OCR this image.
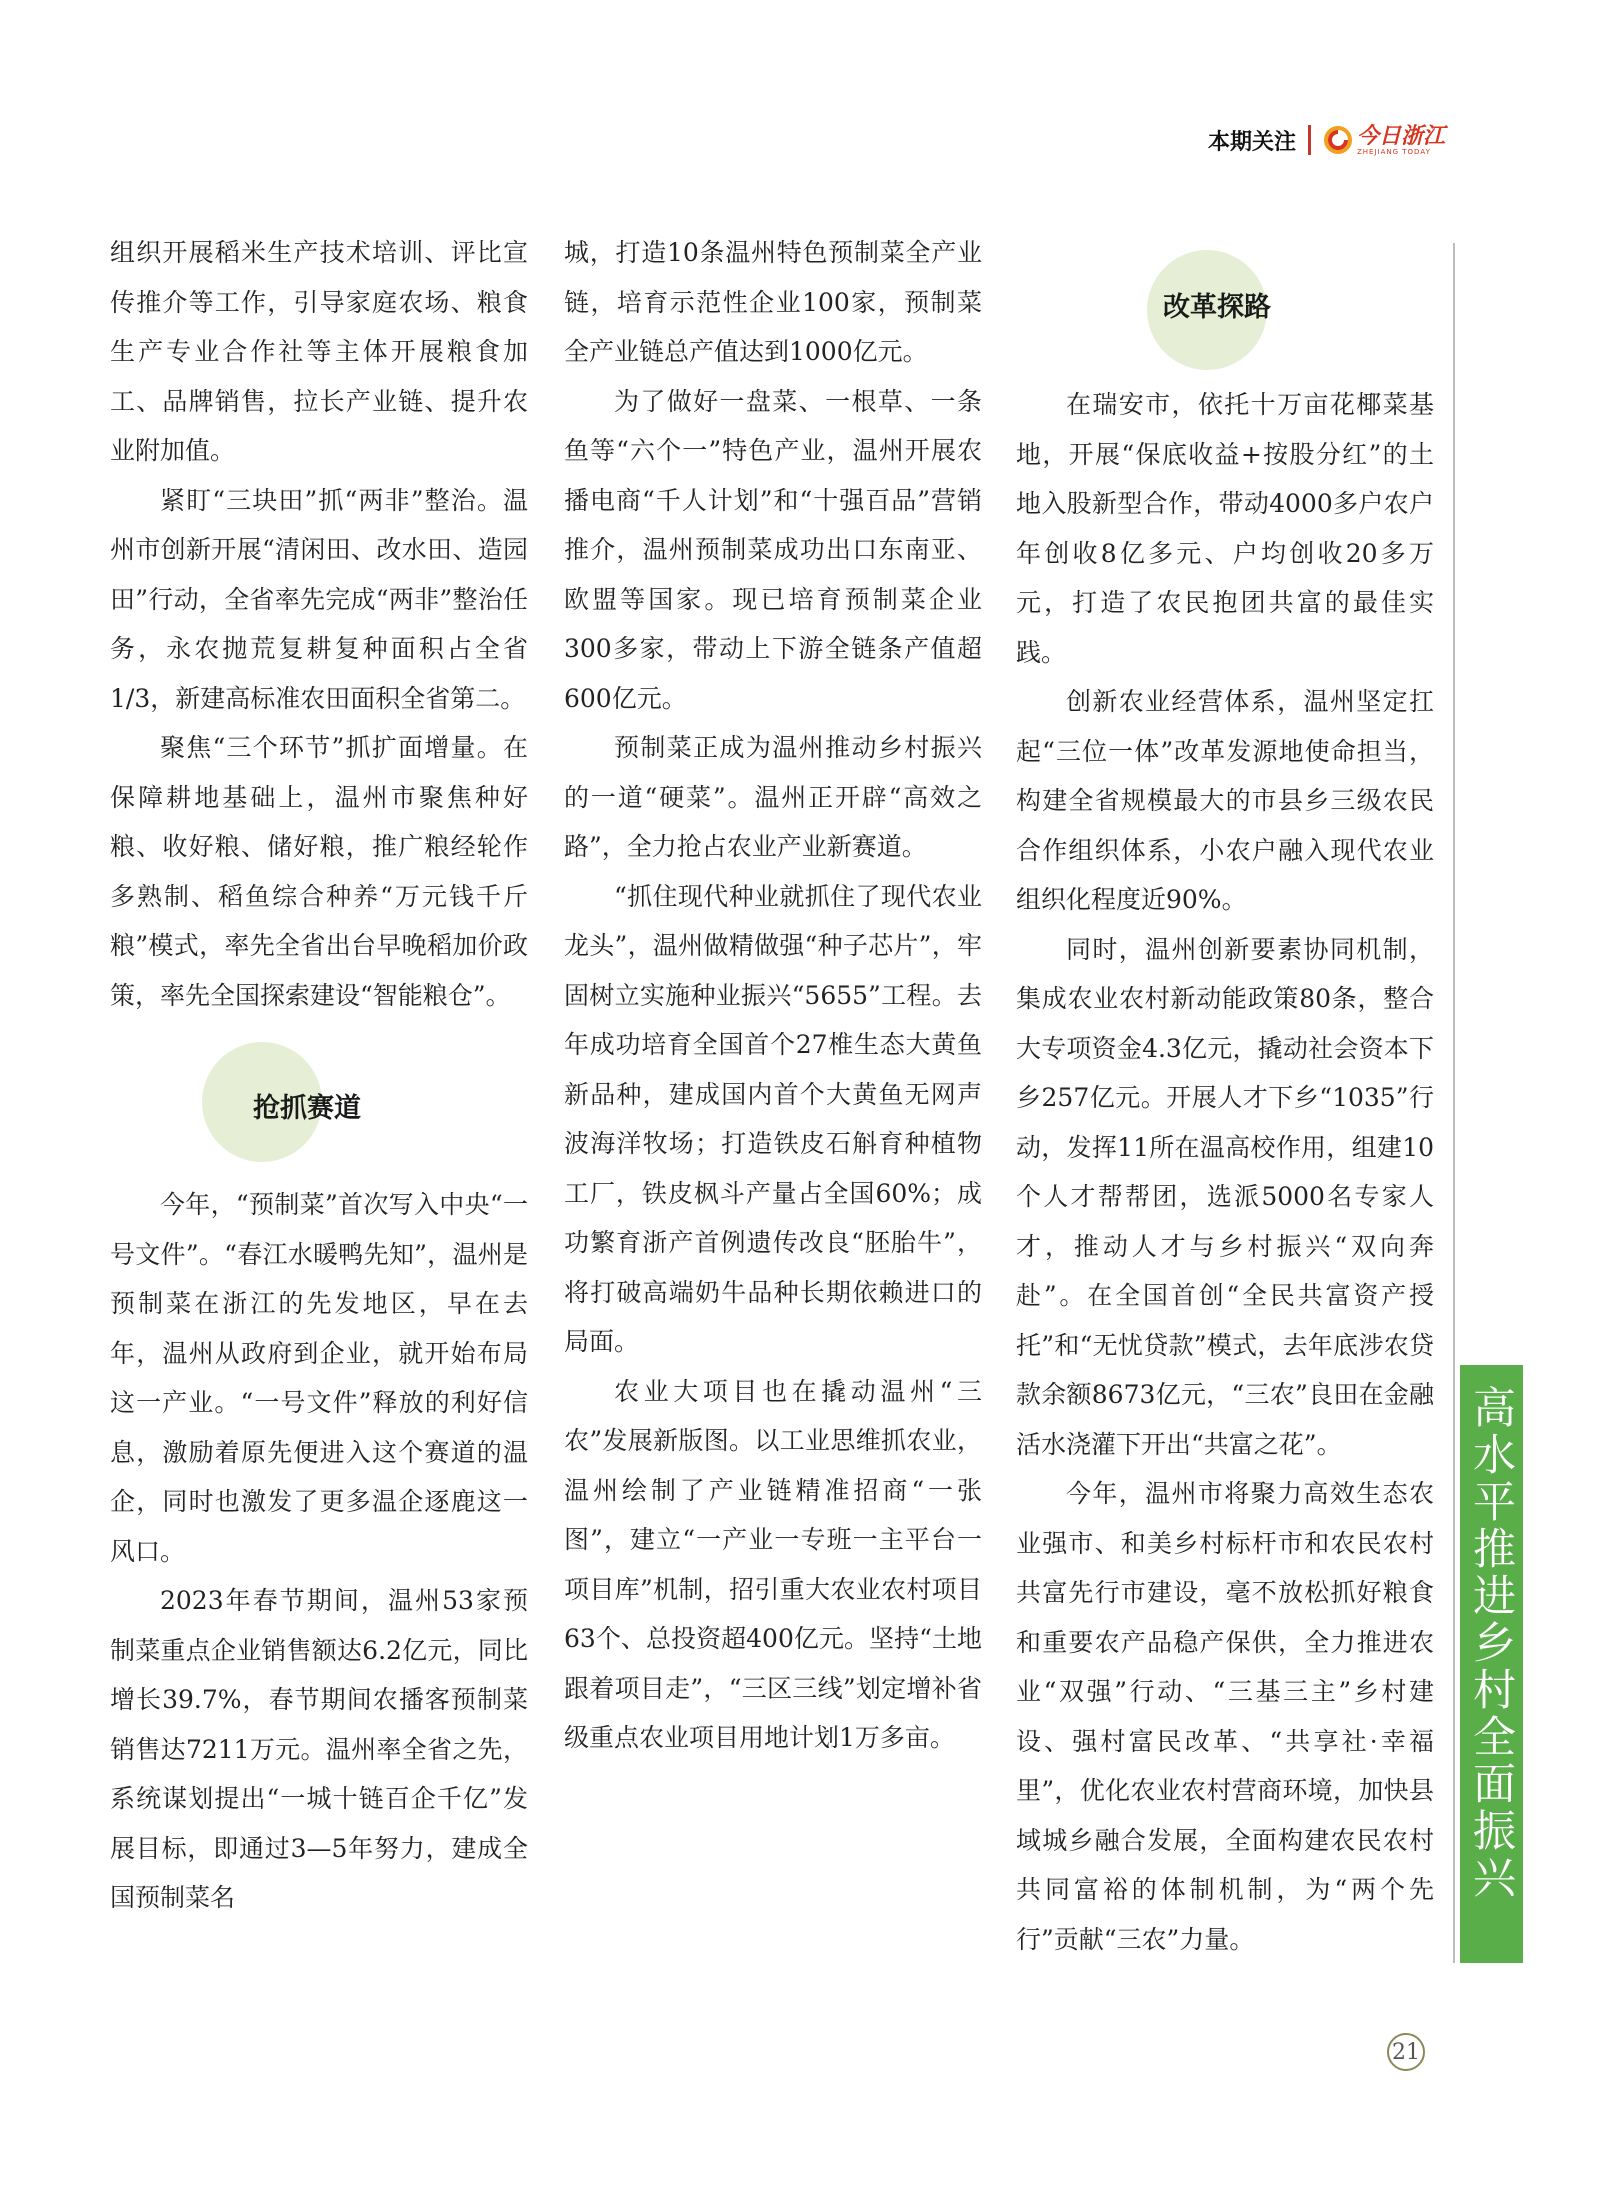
本期关注	今日浙江
ZHEJIANG TODAY

组织开展稻米生产技术培训、评比宣传推介等工作，引导家庭农场、粮食生产专业合作社等主体开展粮食加工、品牌销售，拉长产业链、提升农业附加值。

紧盯“三块田”抓“两非”整治。温州市创新开展“清闲田、改水田、造园田”行动，全省率先完成“两非”整治任务，永农抛荒复耕复种面积占全省1/3，新建高标准农田面积全省第二。

聚焦“三个环节”抓扩面增量。在保障耕地基础上，温州市聚焦种好粮、收好粮、储好粮，推广粮经轮作多熟制、稻鱼综合种养“万元钱千斤粮”模式，率先全省出台早晚稻加价政策，率先全国探索建设“智能粮仓”。

抢抓赛道

今年，“预制菜”首次写入中央“一号文件”。“春江水暖鸭先知”，温州是预制菜在浙江的先发地区，早在去年，温州从政府到企业，就开始布局这一产业。“一号文件”释放的利好信息，激励着原先便进入这个赛道的温企，同时也激发了更多温企逐鹿这一风口。

2023年春节期间，温州53家预制菜重点企业销售额达6.2亿元，同比增长39.7%，春节期间农播客预制菜销售达7211万元。温州率全省之先，系统谋划提出“一城十链百企千亿”发展目标，即通过3—5年努力，建成全国预制菜名

城，打造10条温州特色预制菜全产业链，培育示范性企业100家，预制菜全产业链总产值达到1000亿元。

为了做好一盘菜、一根草、一条鱼等“六个一”特色产业，温州开展农播电商“千人计划”和“十强百品”营销推介，温州预制菜成功出口东南亚、欧盟等国家。现已培育预制菜企业300多家，带动上下游全链条产值超600亿元。

预制菜正成为温州推动乡村振兴的一道“硬菜”。温州正开辟“高效之路”，全力抢占农业产业新赛道。

“抓住现代种业就抓住了现代农业龙头”，温州做精做强“种子芯片”，牢固树立实施种业振兴“5655”工程。去年成功培育全国首个27椎生态大黄鱼新品种，建成国内首个大黄鱼无网声波海洋牧场；打造铁皮石斛育种植物工厂，铁皮枫斗产量占全国60%；成功繁育浙产首例遗传改良“胚胎牛”，将打破高端奶牛品种长期依赖进口的局面。

农业大项目也在撬动温州“三农”发展新版图。以工业思维抓农业，温州绘制了产业链精准招商“一张图”，建立“一产业一专班一主平台一项目库”机制，招引重大农业农村项目63个、总投资超400亿元。坚持“土地跟着项目走”，“三区三线”划定增补省级重点农业项目用地计划1万多亩。

改革探路

在瑞安市，依托十万亩花椰菜基地，开展“保底收益+按股分红”的土地入股新型合作，带动4000多户农户年创收8亿多元、户均创收20多万元，打造了农民抱团共富的最佳实践。

创新农业经营体系，温州坚定扛起“三位一体”改革发源地使命担当，构建全省规模最大的市县乡三级农民合作组织体系，小农户融入现代农业组织化程度近90%。

同时，温州创新要素协同机制，集成农业农村新动能政策80条，整合大专项资金4.3亿元，撬动社会资本下乡257亿元。开展人才下乡“1035”行动，发挥11所在温高校作用，组建10个人才帮帮团，选派5000名专家人才，推动人才与乡村振兴“双向奔赴”。在全国首创“全民共富资产授托”和“无忧贷款”模式，去年底涉农贷款余额8673亿元，“三农”良田在金融活水浇灌下开出“共富之花”。

今年，温州市将聚力高效生态农业强市、和美乡村标杆市和农民农村共富先行市建设，毫不放松抓好粮食和重要农产品稳产保供，全力推进农业“双强”行动、“三基三主”乡村建设、强村富民改革、“共享社·幸福里”，优化农业农村营商环境，加快县域城乡融合发展，全面构建农民农村共同富裕的体制机制，为“两个先行”贡献“三农”力量。

高水平推进乡村全面振兴
21
